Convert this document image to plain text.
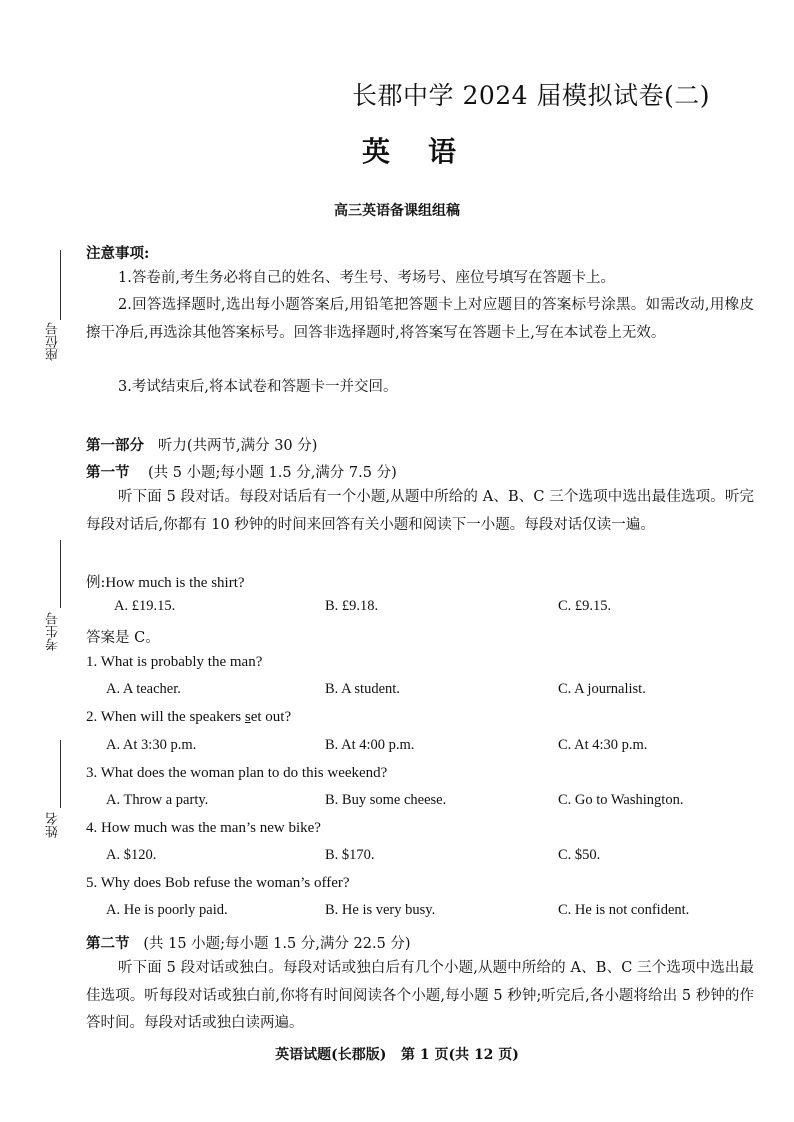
座位号
考生号
姓名
长郡中学 2024 届模拟试卷(二)
英语
高三英语备课组组稿
注意事项:
1.答卷前,考生务必将自己的姓名、考生号、考场号、座位号填写在答题卡上。
2.回答选择题时,选出每小题答案后,用铅笔把答题卡上对应题目的答案标号涂黑。如需改动,用橡皮擦干净后,再选涂其他答案标号。回答非选择题时,将答案写在答题卡上,写在本试卷上无效。
3.考试结束后,将本试卷和答题卡一并交回。
第一部分 听力(共两节,满分 30 分)
第一节 (共 5 小题;每小题 1.5 分,满分 7.5 分)
听下面 5 段对话。每段对话后有一个小题,从题中所给的 A、B、C 三个选项中选出最佳选项。听完每段对话后,你都有 10 秒钟的时间来回答有关小题和阅读下一小题。每段对话仅读一遍。
例:How much is the shirt?
A. £19.15.	B. £9.18.	C. £9.15.
答案是 C。
1. What is probably the man?
A. A teacher.	B. A student.	C. A journalist.
2. When will the speakers set out?
A. At 3:30 p.m.	B. At 4:00 p.m.	C. At 4:30 p.m.
3. What does the woman plan to do this weekend?
A. Throw a party.	B. Buy some cheese.	C. Go to Washington.
4. How much was the man’s new bike?
A. $120.	B. $170.	C. $50.
5. Why does Bob refuse the woman’s offer?
A. He is poorly paid.	B. He is very busy.	C. He is not confident.
第二节 (共 15 小题;每小题 1.5 分,满分 22.5 分)
听下面 5 段对话或独白。每段对话或独白后有几个小题,从题中所给的 A、B、C 三个选项中选出最佳选项。听每段对话或独白前,你将有时间阅读各个小题,每小题 5 秒钟;听完后,各小题将给出 5 秒钟的作答时间。每段对话或独白读两遍。
英语试题(长郡版) 第 1 页(共 12 页)
